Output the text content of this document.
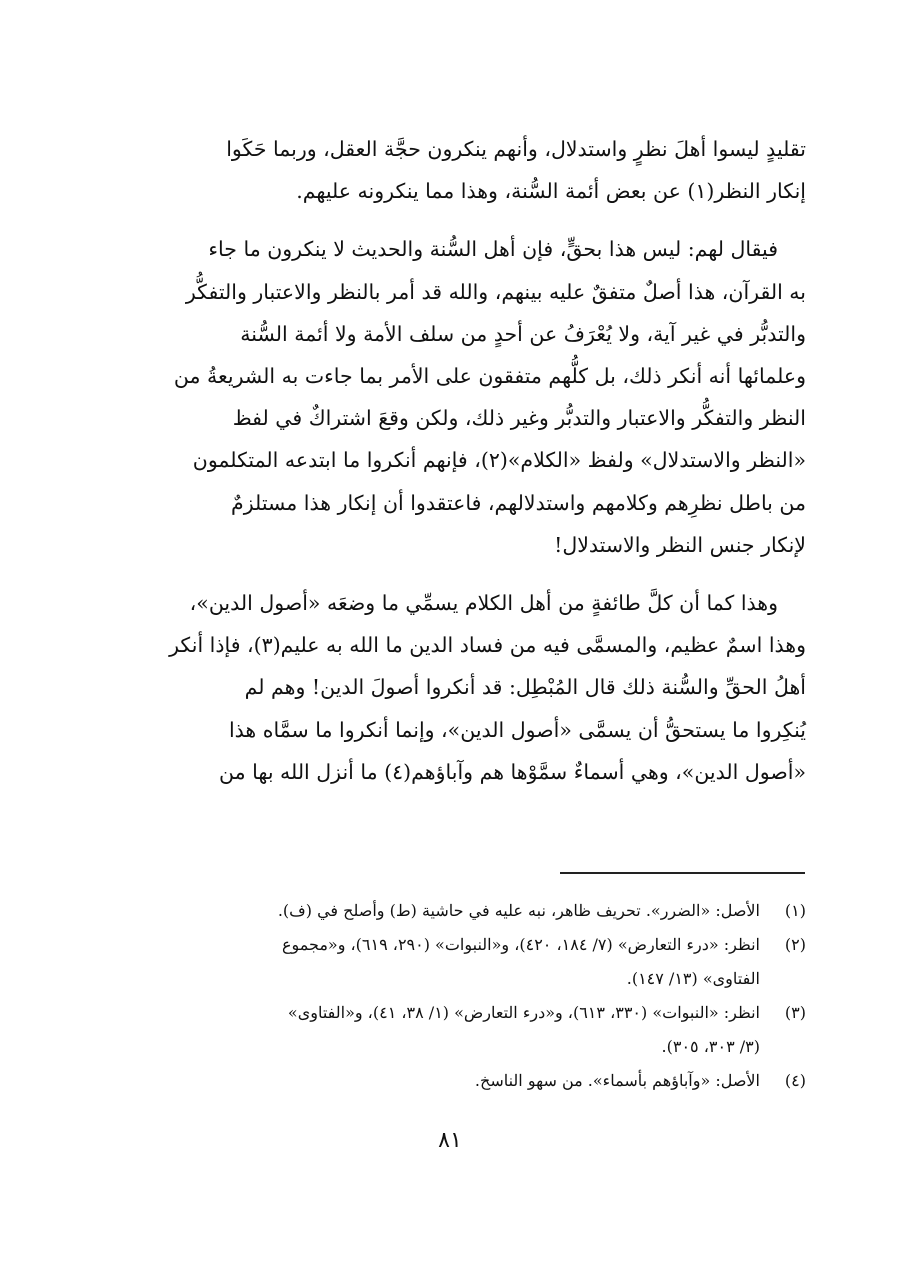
تقليدٍ ليسوا أهلَ نظرٍ واستدلال، وأنهم ينكرون حجَّة العقل، وربما حَكَوا
إنكار النظر(١) عن بعض أئمة السُّنة، وهذا مما ينكرونه عليهم.
فيقال لهم: ليس هذا بحقٍّ، فإن أهل السُّنة والحديث لا ينكرون ما جاء
به القرآن، هذا أصلٌ متفقٌ عليه بينهم، والله قد أمر بالنظر والاعتبار والتفكُّر
والتدبُّر في غير آية، ولا يُعْرَفُ عن أحدٍ من سلف الأمة ولا أئمة السُّنة
وعلمائها أنه أنكر ذلك، بل كلُّهم متفقون على الأمر بما جاءت به الشريعةُ من
النظر والتفكُّر والاعتبار والتدبُّر وغير ذلك، ولكن وقعَ اشتراكٌ في لفظ
«النظر والاستدلال» ولفظ «الكلام»(٢)، فإنهم أنكروا ما ابتدعه المتكلمون
من باطل نظرِهم وكلامهم واستدلالهم، فاعتقدوا أن إنكار هذا مستلزمٌ
لإنكار جنس النظر والاستدلال!
وهذا كما أن كلَّ طائفةٍ من أهل الكلام يسمِّي ما وضعَه «أصول الدين»،
وهذا اسمٌ عظيم، والمسمَّى فيه من فساد الدين ما الله به عليم(٣)، فإذا أنكر
أهلُ الحقِّ والسُّنة ذلك قال المُبْطِل: قد أنكروا أصولَ الدين! وهم لم
يُنكِروا ما يستحقُّ أن يسمَّى «أصول الدين»، وإنما أنكروا ما سمَّاه هذا
«أصول الدين»، وهي أسماءٌ سمَّوْها هم وآباؤهم(٤) ما أنزل الله بها من
(١)
الأصل: «الضرر». تحريف ظاهر، نبه عليه في حاشية (ط) وأصلح في (ف).
(٢)
انظر: «درء التعارض» (٧/ ١٨٤، ٤٢٠)، و«النبوات» (٢٩٠، ٦١٩)، و«مجموع
الفتاوى» (١٣/ ١٤٧).
(٣)
انظر: «النبوات» (٣٣٠، ٦١٣)، و«درء التعارض» (١/ ٣٨، ٤١)، و«الفتاوى»
(٣/ ٣٠٣، ٣٠٥).
(٤)
الأصل: «وآباؤهم بأسماء». من سهو الناسخ.
٨١
